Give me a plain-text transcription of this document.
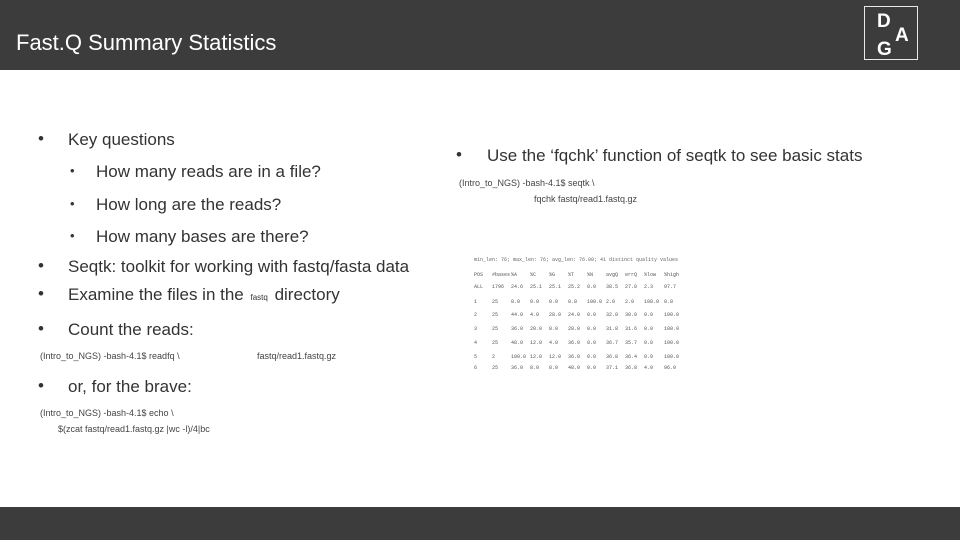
Fast.Q Summary Statistics
D
A
G
• Key questions
• How many reads are in a file?
• How long are the reads?
• How many bases are there?
• Seqtk: toolkit for working with fastq/fasta data
• Examine the files in the fastq directory
• Count the reads:
(Intro_to_NGS) -bash-4.1$ readfq \	fastq/read1.fastq.gz
• or, for the brave:
(Intro_to_NGS) -bash-4.1$ echo \
$(zcat fastq/read1.fastq.gz |wc -l)/4|bc
• Use the ‘fqchk’ function of seqtk to see basic stats
(Intro_to_NGS) -bash-4.1$ seqtk \
fqchk fastq/read1.fastq.gz
min_len: 76; max_len: 76; avg_len: 76.00; 41 distinct quality values
POS #bases %A	%C	%G	%T	%N	avgQ errQ %low %high
ALL 1796 24.6 25.1 25.1 25.2 0.0 38.5 27.0 2.3 97.7
1	25	0.0 0.0 0.0 0.0 100.0 2.0 2.0 100.0 0.0
2	25	44.0 4.0 28.0 24.0 0.0 32.0 30.0 0.0 100.0
3	25	36.0 28.0 8.0 28.0 0.0 31.8 31.6 0.0 100.0
4	25	48.0 12.0 4.0 36.0 0.0 36.7 35.7 0.0 100.0
5	2	100.0 12.0 12.0 36.0 0.0 36.8 36.4 0.0 100.0
6	25	36.0 8.0 8.0 48.0 0.0 37.1 36.8 4.0 96.0
